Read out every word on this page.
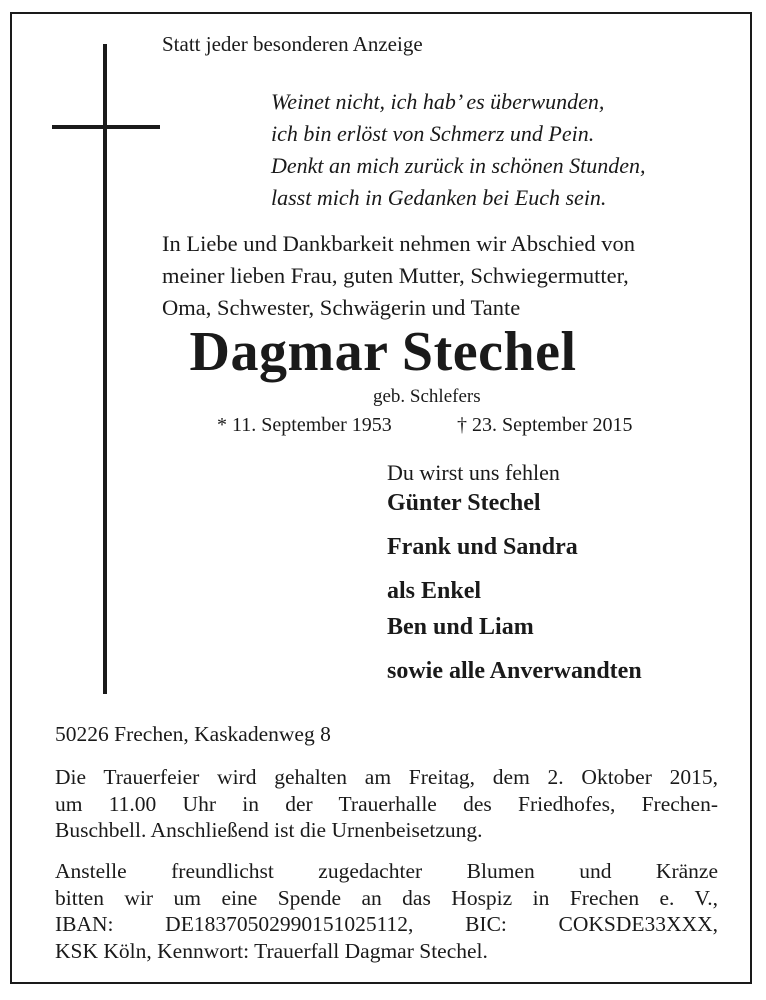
Statt jeder besonderen Anzeige
Weinet nicht, ich hab’ es überwunden,
ich bin erlöst von Schmerz und Pein.
Denkt an mich zurück in schönen Stunden,
lasst mich in Gedanken bei Euch sein.
In Liebe und Dankbarkeit nehmen wir Abschied von
meiner lieben Frau, guten Mutter, Schwiegermutter,
Oma, Schwester, Schwägerin und Tante
Dagmar Stechel
geb. Schlefers
* 11. September 1953	† 23. September 2015
Du wirst uns fehlen
Günter Stechel
Frank und Sandra
als Enkel
Ben und Liam
sowie alle Anverwandten
50226 Frechen, Kaskadenweg 8
Die Trauerfeier wird gehalten am Freitag, dem 2. Oktober 2015,
um 11.00 Uhr in der Trauerhalle des Friedhofes, Frechen-
Buschbell. Anschließend ist die Urnenbeisetzung.
Anstelle freundlichst zugedachter Blumen und Kränze
bitten wir um eine Spende an das Hospiz in Frechen e. V.,
IBAN: DE18370502990151025112, BIC: COKSDE33XXX,
KSK Köln, Kennwort: Trauerfall Dagmar Stechel.
